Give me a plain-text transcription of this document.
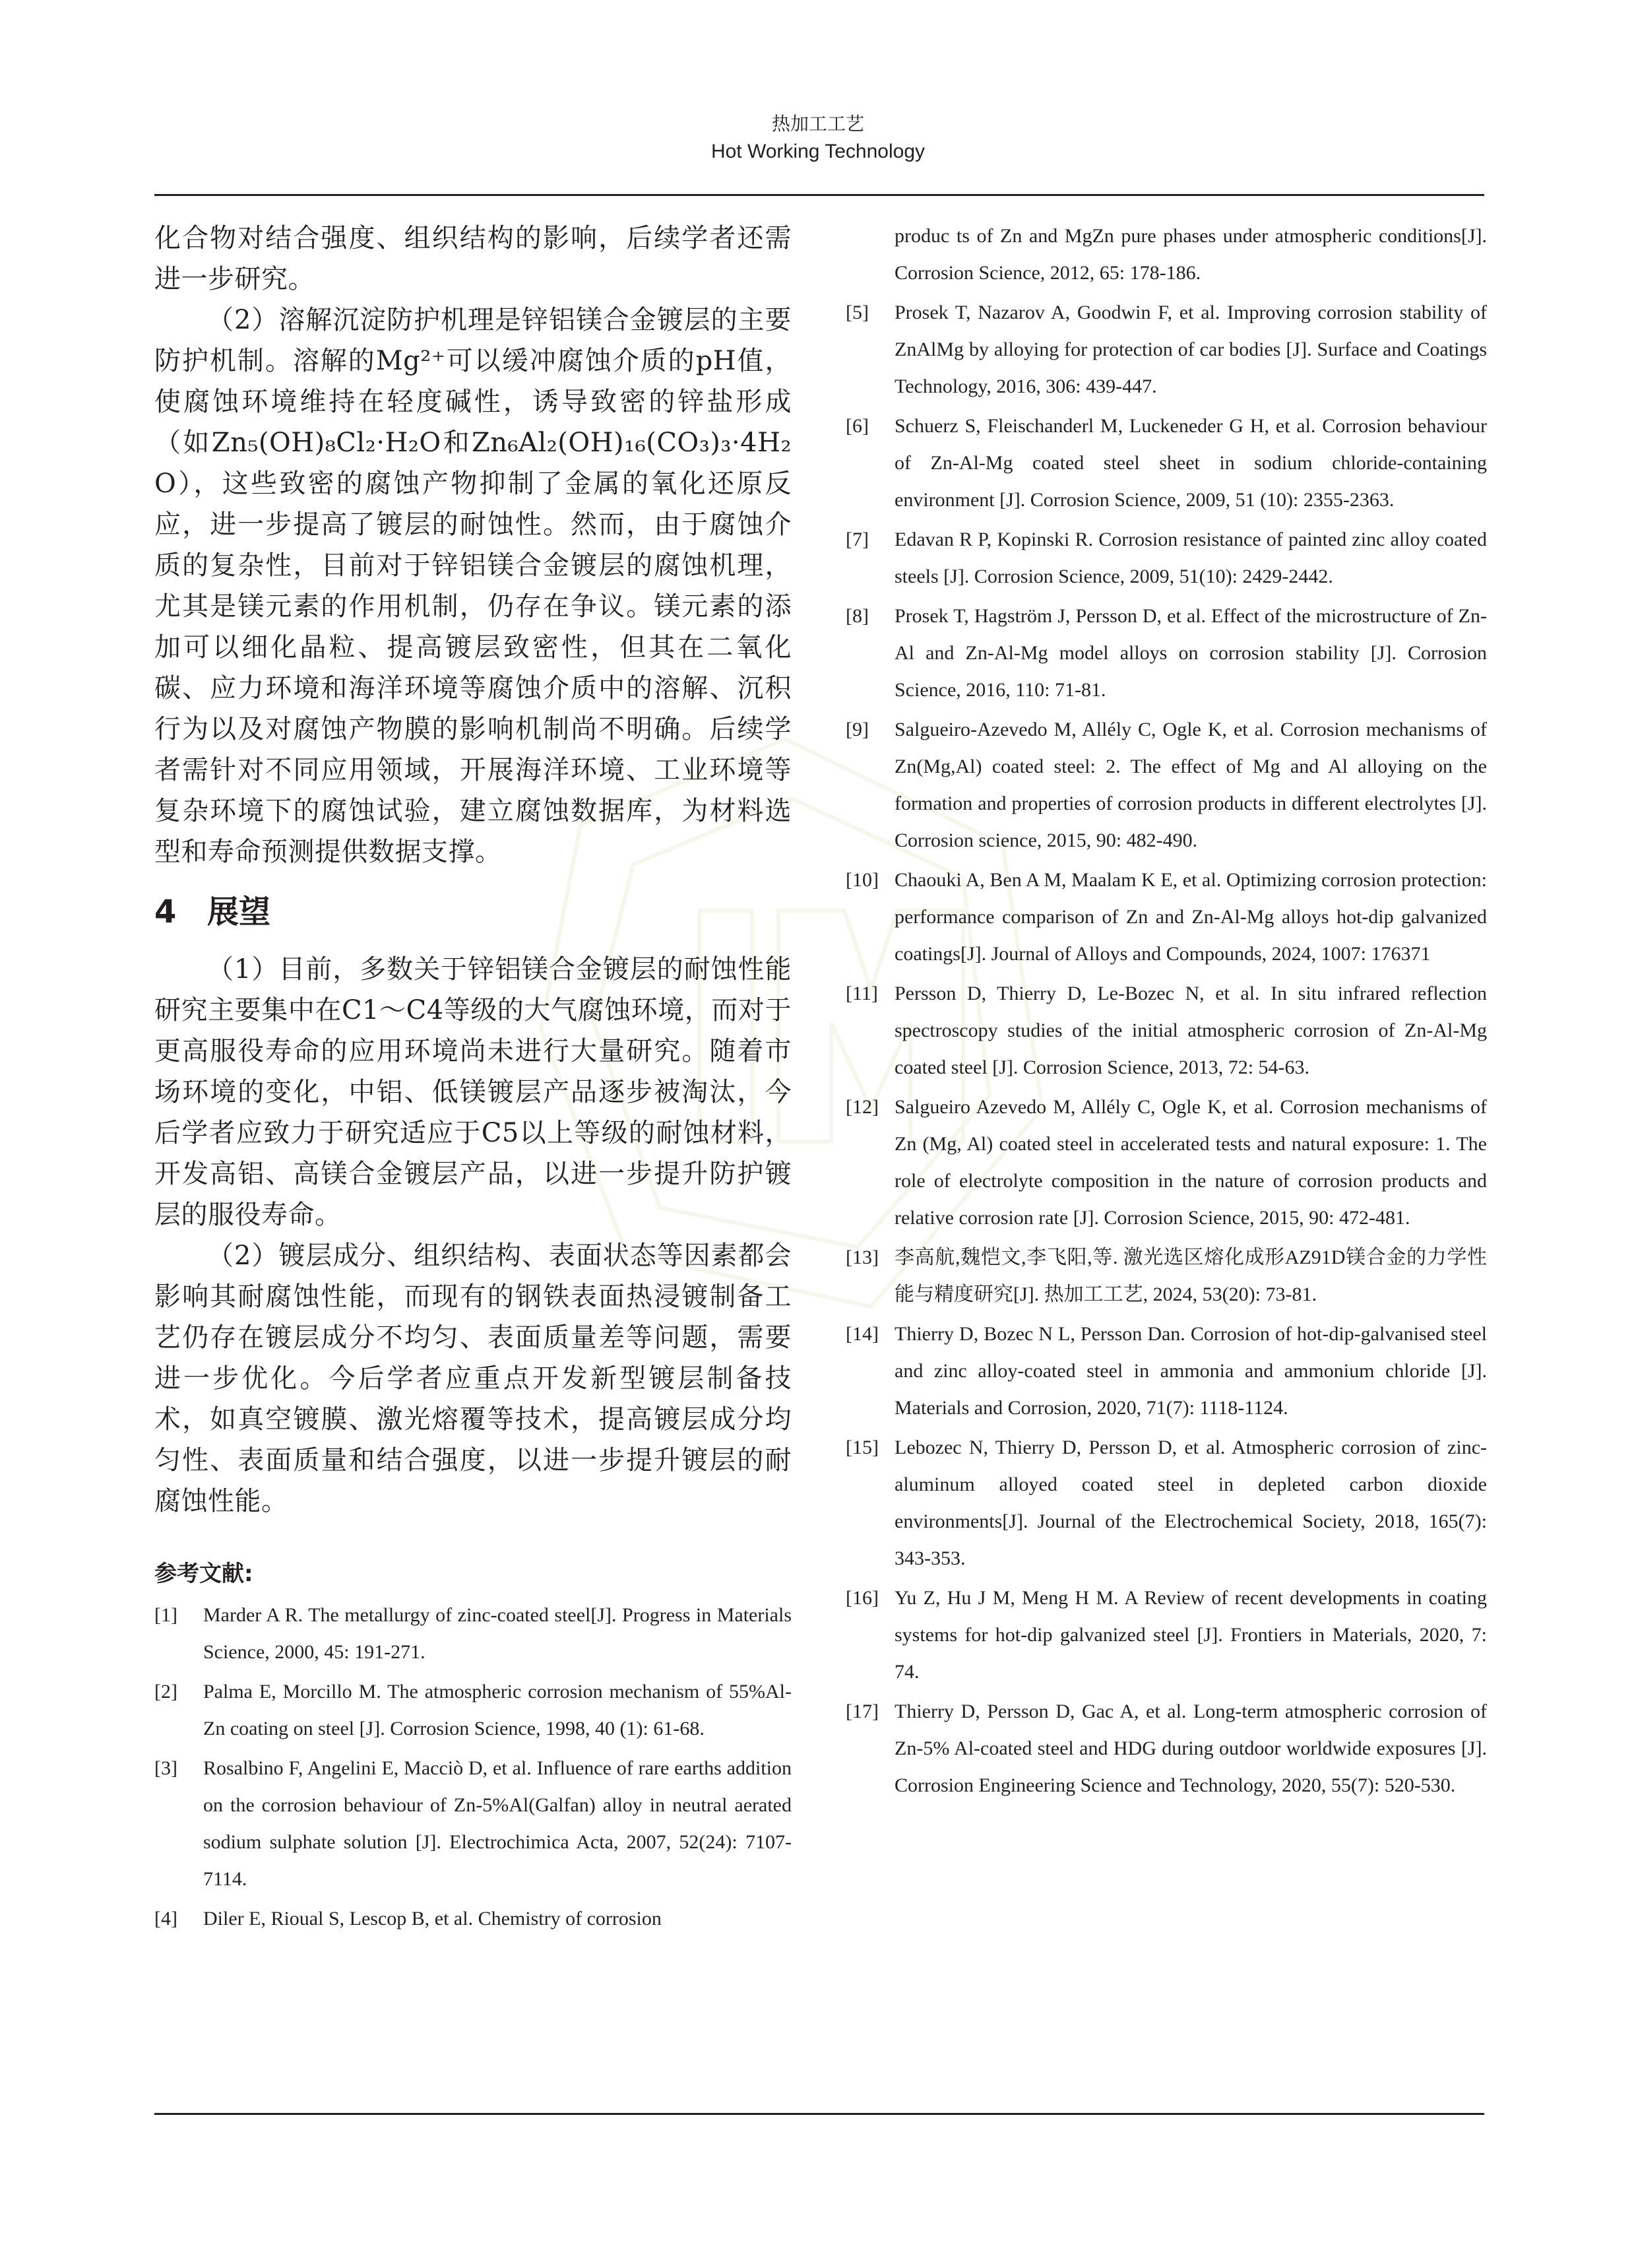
热加工工艺
Hot Working Technology

化合物对结合强度、组织结构的影响，后续学者还需进一步研究。

（2）溶解沉淀防护机理是锌铝镁合金镀层的主要防护机制。溶解的Mg²⁺可以缓冲腐蚀介质的pH值，使腐蚀环境维持在轻度碱性，诱导致密的锌盐形成（如Zn₅(OH)₈Cl₂·H₂O和Zn₆Al₂(OH)₁₆(CO₃)₃·4H₂O），这些致密的腐蚀产物抑制了金属的氧化还原反应，进一步提高了镀层的耐蚀性。然而，由于腐蚀介质的复杂性，目前对于锌铝镁合金镀层的腐蚀机理，尤其是镁元素的作用机制，仍存在争议。镁元素的添加可以细化晶粒、提高镀层致密性，但其在二氧化碳、应力环境和海洋环境等腐蚀介质中的溶解、沉积行为以及对腐蚀产物膜的影响机制尚不明确。后续学者需针对不同应用领域，开展海洋环境、工业环境等复杂环境下的腐蚀试验，建立腐蚀数据库，为材料选型和寿命预测提供数据支撑。

4 展望

（1）目前，多数关于锌铝镁合金镀层的耐蚀性能研究主要集中在C1～C4等级的大气腐蚀环境，而对于更高服役寿命的应用环境尚未进行大量研究。随着市场环境的变化，中铝、低镁镀层产品逐步被淘汰，今后学者应致力于研究适应于C5以上等级的耐蚀材料，开发高铝、高镁合金镀层产品，以进一步提升防护镀层的服役寿命。

（2）镀层成分、组织结构、表面状态等因素都会影响其耐腐蚀性能，而现有的钢铁表面热浸镀制备工艺仍存在镀层成分不均匀、表面质量差等问题，需要进一步优化。今后学者应重点开发新型镀层制备技术，如真空镀膜、激光熔覆等技术，提高镀层成分均匀性、表面质量和结合强度，以进一步提升镀层的耐腐蚀性能。

参考文献:
[1]	Marder A R. The metallurgy of zinc-coated steel[J]. Progress in Materials Science, 2000, 45: 191-271.
[2]	Palma E, Morcillo M. The atmospheric corrosion mechanism of 55%Al-Zn coating on steel [J]. Corrosion Science, 1998, 40 (1): 61-68.
[3]	Rosalbino F, Angelini E, Macciò D, et al. Influence of rare earths addition on the corrosion behaviour of Zn-5%Al(Galfan) alloy in neutral aerated sodium sulphate solution [J]. Electrochimica Acta, 2007, 52(24): 7107-7114.
[4]	Diler E, Rioual S, Lescop B, et al. Chemistry of corrosion

produc ts of Zn and MgZn pure phases under atmospheric conditions[J]. Corrosion Science, 2012, 65: 178-186.

[5]	Prosek T, Nazarov A, Goodwin F, et al. Improving corrosion stability of ZnAlMg by alloying for protection of car bodies [J]. Surface and Coatings Technology, 2016, 306: 439-447.
[6]	Schuerz S, Fleischanderl M, Luckeneder G H, et al. Corrosion behaviour of Zn-Al-Mg coated steel sheet in sodium chloride-containing environment [J]. Corrosion Science, 2009, 51 (10): 2355-2363.
[7]	Edavan R P, Kopinski R. Corrosion resistance of painted zinc alloy coated steels [J]. Corrosion Science, 2009, 51(10): 2429-2442.
[8]	Prosek T, Hagström J, Persson D, et al. Effect of the microstructure of Zn-Al and Zn-Al-Mg model alloys on corrosion stability [J]. Corrosion Science, 2016, 110: 71-81.
[9]	Salgueiro-Azevedo M, Allély C, Ogle K, et al. Corrosion mechanisms of Zn(Mg,Al) coated steel: 2. The effect of Mg and Al alloying on the formation and properties of corrosion products in different electrolytes [J]. Corrosion science, 2015, 90: 482-490.
[10] Chaouki A, Ben A M, Maalam K E, et al. Optimizing corrosion protection: performance comparison of Zn and Zn-Al-Mg alloys hot-dip galvanized coatings[J]. Journal of Alloys and Compounds, 2024, 1007: 176371
[11] Persson D, Thierry D, Le-Bozec N, et al. In situ infrared reflection spectroscopy studies of the initial atmospheric corrosion of Zn-Al-Mg coated steel [J]. Corrosion Science, 2013, 72: 54-63.
[12] Salgueiro Azevedo M, Allély C, Ogle K, et al. Corrosion mechanisms of Zn (Mg, Al) coated steel in accelerated tests and natural exposure: 1. The role of electrolyte composition in the nature of corrosion products and relative corrosion rate [J]. Corrosion Science, 2015, 90: 472-481.
[13] 李高航,魏恺文,李飞阳,等. 激光选区熔化成形AZ91D镁合金的力学性能与精度研究[J]. 热加工工艺, 2024, 53(20): 73-81.
[14] Thierry D, Bozec N L, Persson Dan. Corrosion of hot-dip-galvanised steel and zinc alloy-coated steel in ammonia and ammonium chloride [J]. Materials and Corrosion, 2020, 71(7): 1118-1124.
[15] Lebozec N, Thierry D, Persson D, et al. Atmospheric corrosion of zinc-aluminum alloyed coated steel in depleted carbon dioxide environments[J]. Journal of the Electrochemical Society, 2018, 165(7): 343-353.
[16] Yu Z, Hu J M, Meng H M. A Review of recent developments in coating systems for hot-dip galvanized steel [J]. Frontiers in Materials, 2020, 7: 74.
[17] Thierry D, Persson D, Gac A, et al. Long-term atmospheric corrosion of Zn-5% Al-coated steel and HDG during outdoor worldwide exposures [J]. Corrosion Engineering Science and Technology, 2020, 55(7): 520-530.
